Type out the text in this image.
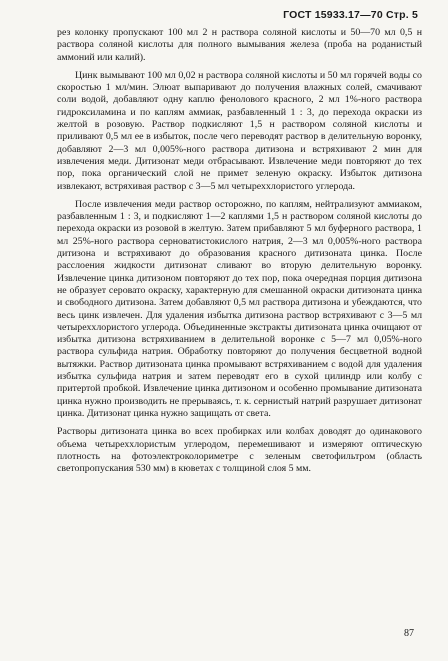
ГОСТ 15933.17—70 Стр. 5

рез колонку пропускают 100 мл 2 н раствора соляной кислоты и 50—70 мл 0,5 н раствора соляной кислоты для полного вымывания железа (проба на роданистый аммоний или калий).

Цинк вымывают 100 мл 0,02 н раствора соляной кислоты и 50 мл горячей воды со скоростью 1 мл/мин. Элюат выпаривают до получения влажных солей, смачивают соли водой, добавляют одну каплю фенолового красного, 2 мл 1%-ного раствора гидроксиламина и по каплям аммиак, разбавленный 1 : 3, до перехода окраски из желтой в розовую. Раствор подкисляют 1,5 н раствором соляной кислоты и приливают 0,5 мл ее в избыток, после чего переводят раствор в делительную воронку, добавляют 2—3 мл 0,005%-ного раствора дитизона и встряхивают 2 мин для извлечения меди. Дитизонат меди отбрасывают. Извлечение меди повторяют до тех пор, пока органический слой не примет зеленую окраску. Избыток дитизона извлекают, встряхивая раствор с 3—5 мл четыреххлористого углерода.

После извлечения меди раствор осторожно, по каплям, нейтрализуют аммиаком, разбавленным 1 : 3, и подкисляют 1—2 каплями 1,5 н раствором соляной кислоты до перехода окраски из розовой в желтую. Затем прибавляют 5 мл буферного раствора, 1 мл 25%-ного раствора серноватистокислого натрия, 2—3 мл 0,005%-ного раствора дитизона и встряхивают до образования красного дитизоната цинка. После расслоения жидкости дитизонат сливают во вторую делительную воронку. Извлечение цинка дитизоном повторяют до тех пор, пока очередная порция дитизона не образует серовато окраску, характерную для смешанной окраски дитизоната цинка и свободного дитизона. Затем добавляют 0,5 мл раствора дитизона и убеждаются, что весь цинк извлечен. Для удаления избытка дитизона раствор встряхивают с 3—5 мл четыреххлористого углерода. Объединенные экстракты дитизоната цинка очищают от избытка дитизона встряхиванием в делительной воронке с 5—7 мл 0,05%-ного раствора сульфида натрия. Обработку повторяют до получения бесцветной водной вытяжки. Раствор дитизоната цинка промывают встряхиванием с водой для удаления избытка сульфида натрия и затем переводят его в сухой цилиндр или колбу с притертой пробкой. Извлечение цинка дитизоном и особенно промывание дитизоната цинка нужно производить не прерываясь, т. к. сернистый натрий разрушает дитизонат цинка. Дитизонат цинка нужно защищать от света.

Растворы дитизоната цинка во всех пробирках или колбах доводят до одинакового объема четыреххлористым углеродом, перемешивают и измеряют оптическую плотность на фотоэлектроколориметре с зеленым светофильтром (область светопропускания 530 мм) в кюветах с толщиной слоя 5 мм.

87
